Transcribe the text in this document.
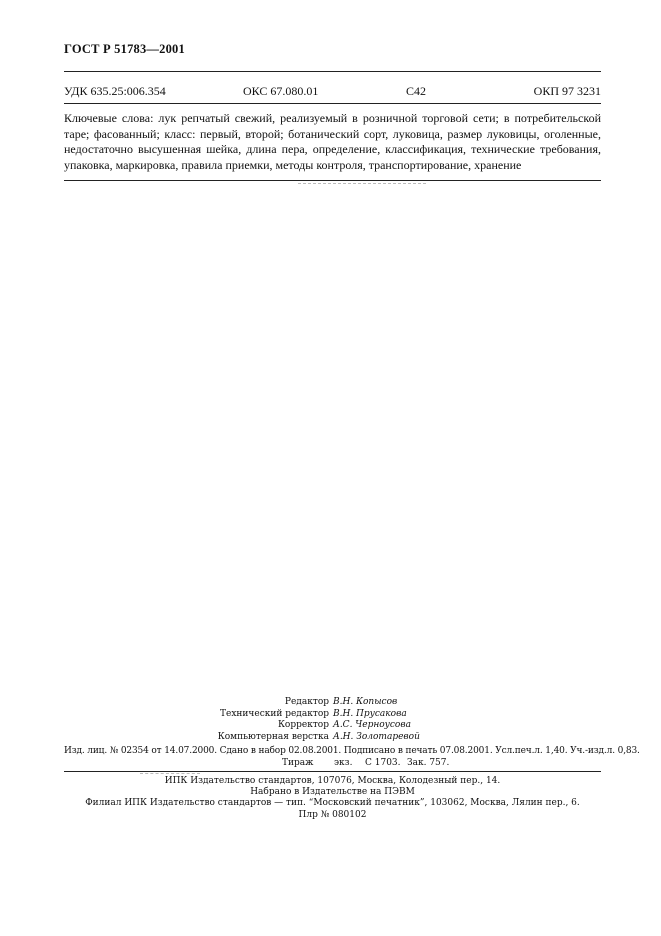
ГОСТ Р 51783—2001
УДК 635.25:006.354	ОКС 67.080.01	С42	ОКП 97 3231
Ключевые слова: лук репчатый свежий, реализуемый в розничной торговой сети; в потребительской таре; фасованный; класс: первый, второй; ботанический сорт, луковица, размер луковицы, оголенные, недостаточно высушенная шейка, длина пера, определение, классификация, технические требования, упаковка, маркировка, правила приемки, методы контроля, транспортирование, хранение
Редактор В.Н. Копысов
Технический редактор В.Н. Прусакова
Корректор А.С. Черноусова
Компьютерная верстка А.Н. Золотаревой
Изд. лиц. № 02354 от 14.07.2000. Сдано в набор 02.08.2001. Подписано в печать 07.08.2001. Усл.печ.л. 1,40. Уч.-изд.л. 0,83.
Тираж экз. С 1703. Зак. 757.
ИПК Издательство стандартов, 107076, Москва, Колодезный пер., 14.
Набрано в Издательстве на ПЭВМ
Филиал ИПК Издательство стандартов — тип. “Московский печатник”, 103062, Москва, Лялин пер., 6.
Плр № 080102
